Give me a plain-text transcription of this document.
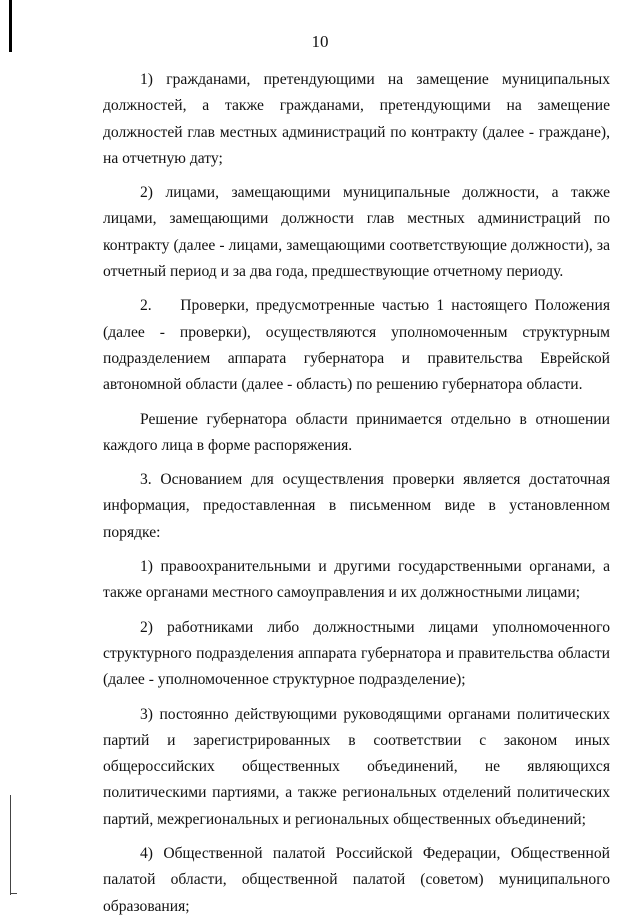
10

1) гражданами, претендующими на замещение муниципальных должностей, а также гражданами, претендующими на замещение должностей глав местных администраций по контракту (далее - граждане), на отчетную дату;

2) лицами, замещающими муниципальные должности, а также лицами, замещающими должности глав местных администраций по контракту (далее - лицами, замещающими соответствующие должности), за отчетный период и за два года, предшествующие отчетному периоду.

2.    Проверки, предусмотренные частью 1 настоящего Положения (далее - проверки), осуществляются уполномоченным структурным подразделением аппарата губернатора и правительства Еврейской автономной области (далее - область) по решению губернатора области.

Решение губернатора области принимается отдельно в отношении каждого лица в форме распоряжения.

3. Основанием для осуществления проверки является достаточная информация, предоставленная в письменном виде в установленном порядке:

1) правоохранительными и другими государственными органами, а также органами местного самоуправления и их должностными лицами;

2) работниками либо должностными лицами уполномоченного структурного подразделения аппарата губернатора и правительства области (далее - уполномоченное структурное подразделение);

3) постоянно действующими руководящими органами политических партий и зарегистрированных в соответствии с законом иных общероссийских общественных объединений, не являющихся политическими партиями, а также региональных отделений политических партий, межрегиональных и региональных общественных объединений;

4) Общественной палатой Российской Федерации, Общественной палатой области, общественной палатой (советом) муниципального образования;
